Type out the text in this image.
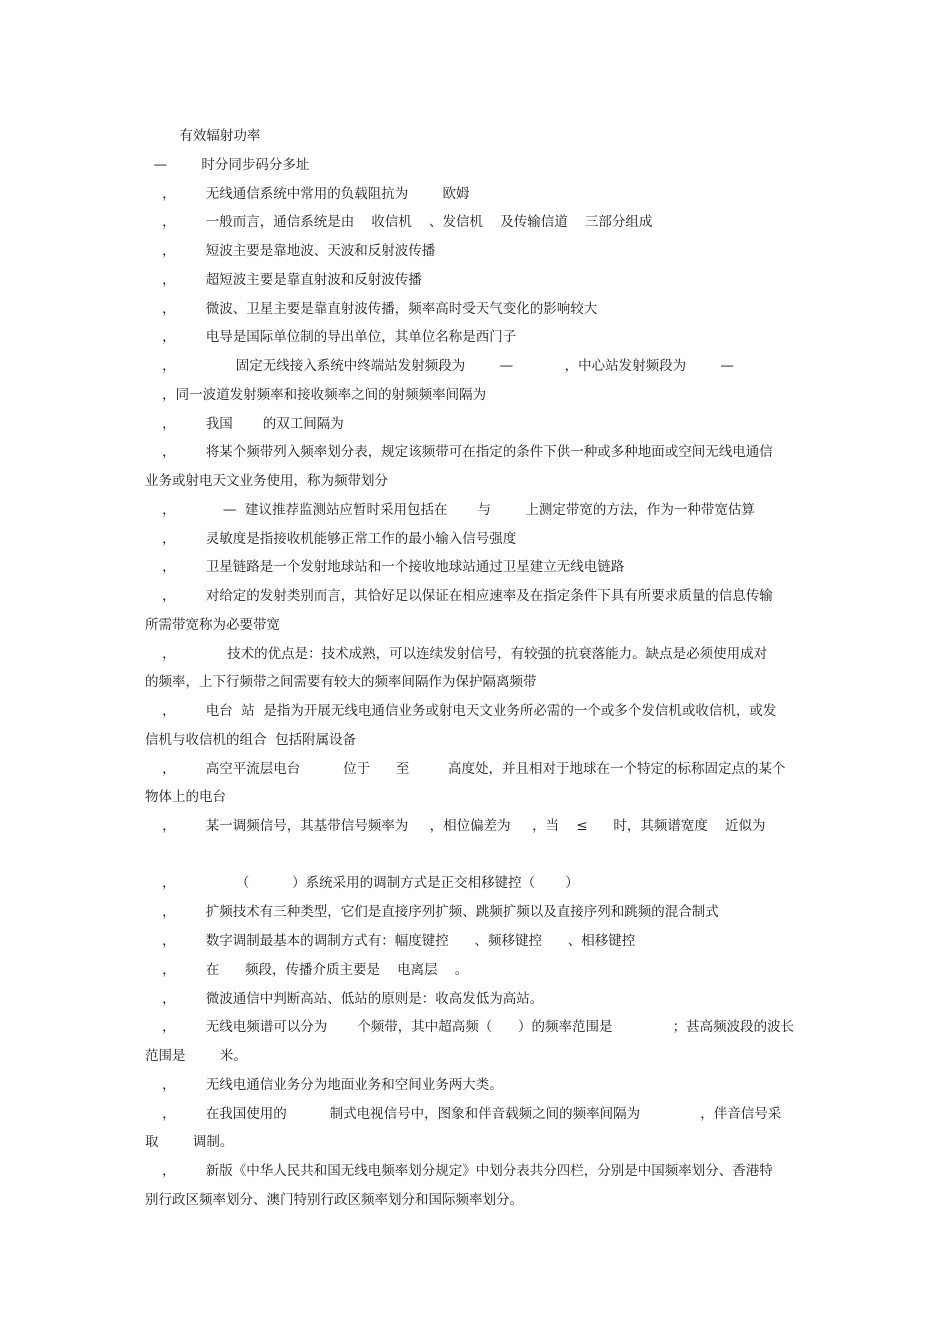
有效辐射功率
—        时分同步码分多址
，       无线通信系统中常用的负载阻抗为        欧姆
，       一般而言，通信系统是由    收信机    、发信机    及传输信道    三部分组成
，       短波主要是靠地波、天波和反射波传播
，       超短波主要是靠直射波和反射波传播
，       微波、卫星主要是靠直射波传播，频率高时受天气变化的影响较大
，       电导是国际单位制的导出单位，其单位名称是西门子
，              固定无线接入系统中终端站发射频段为        —            ，中心站发射频段为        —
，同一波道发射频率和接收频率之间的射频频率间隔为
，       我国       的双工间隔为
，       将某个频带列入频率划分表，规定该频带可在指定的条件下供一种或多种地面或空间无线电通信
业务或射电天文业务使用，称为频带划分
，           —  建议推荐监测站应暂时采用包括在       与        上测定带宽的方法，作为一种带宽估算
，       灵敏度是指接收机能够正常工作的最小输入信号强度
，       卫星链路是一个发射地球站和一个接收地球站通过卫星建立无线电链路
，       对给定的发射类别而言，其恰好足以保证在相应速率及在指定条件下具有所要求质量的信息传输
所需带宽称为必要带宽
，            技术的优点是：技术成熟，可以连续发射信号，有较强的抗衰落能力。缺点是必须使用成对
的频率，上下行频带之间需要有较大的频率间隔作为保护隔离频带
，       电台  站  是指为开展无线电通信业务或射电天文业务所必需的一个或多个发信机或收信机，或发
信机与收信机的组合  包括附属设备
，       高空平流层电台          位于      至         高度处，并且相对于地球在一个特定的标称固定点的某个
物体上的电台
，       某一调频信号，其基带信号频率为     ，相位偏差为     ，当    ≤      时，其频谱宽度    近似为
，              （          ）系统采用的调制方式是正交相移键控（       ）
，       扩频技术有三种类型，它们是直接序列扩频、跳频扩频以及直接序列和跳频的混合制式
，       数字调制最基本的调制方式有：幅度键控      、频移键控      、相移键控
，       在      频段，传播介质主要是    电离层    。
，       微波通信中判断高站、低站的原则是：收高发低为高站。
，       无线电频谱可以分为       个频带，其中超高频（      ）的频率范围是              ；甚高频波段的波长
范围是        米。
，       无线电通信业务分为地面业务和空间业务两大类。
，       在我国使用的          制式电视信号中，图象和伴音载频之间的频率间隔为              ，伴音信号采
取        调制。
，       新版《中华人民共和国无线电频率划分规定》中划分表共分四栏，分别是中国频率划分、香港特
别行政区频率划分、澳门特别行政区频率划分和国际频率划分。
